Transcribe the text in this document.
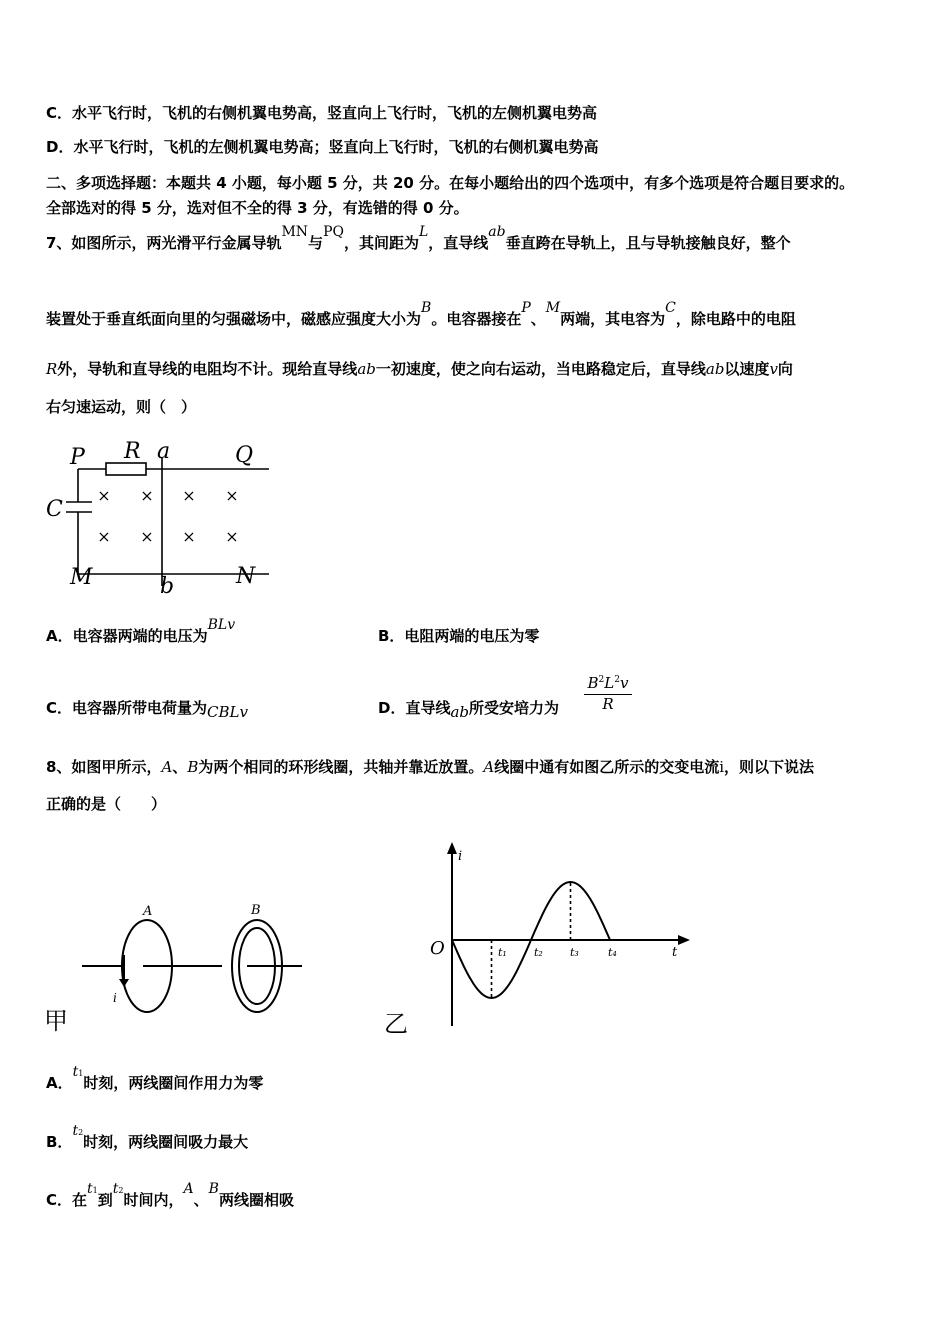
C．水平飞行时，飞机的右侧机翼电势高，竖直向上飞行时，飞机的左侧机翼电势高
D．水平飞行时，飞机的左侧机翼电势高；竖直向上飞行时，飞机的右侧机翼电势高
二、多项选择题：本题共 4 小题，每小题 5 分，共 20 分。在每小题给出的四个选项中，有多个选项是符合题目要求的。
全部选对的得 5 分，选对但不全的得 3 分，有选错的得 0 分。
7、如图所示，两光滑平行金属导轨MN与PQ，其间距为L，直导线ab垂直跨在导轨上，且与导轨接触良好，整个
装置处于垂直纸面向里的匀强磁场中，磁感应强度大小为B。电容器接在P、M两端，其电容为C，除电路中的电阻
R外，导轨和直导线的电阻均不计。现给直导线ab一初速度，使之向右运动，当电路稳定后，直导线ab以速度v向
右匀速运动，则（　）
P R a	Q
C
M	b	N
× × × ×
× × × ×
A．电容器两端的电压为BLv
B．电阻两端的电压为零
C．电容器所带电荷量为CBLv	D．直导线ab所受安培力为 $\frac{B^2L^2v}{R}$
8、如图甲所示，A、B为两个相同的环形线圈，共轴并靠近放置。A线圈中通有如图乙所示的交变电流i，则以下说法
正确的是（　　）
A	B
i
甲
O
i
t
t₁ t₂ t₃	t₄
乙
A．$t_1$时刻，两线圈间作用力为零
B．$t_2$时刻，两线圈间吸力最大
C．在$t_1$到$t_2$时间内，A、B两线圈相吸
